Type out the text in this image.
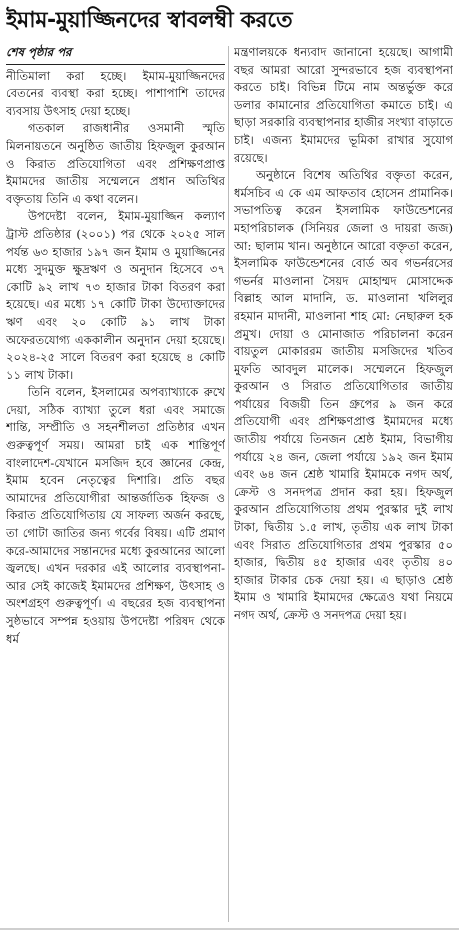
ইমাম-মুয়াজ্জিনদের স্বাবলম্বী করতে
শেষ পৃষ্ঠার পর

নীতিমালা করা হচ্ছে। ইমাম-মুয়াজ্জিনদের বেতনের ব্যবস্থা করা হচ্ছে। পাশাপাশি তাদের ব্যবসায় উৎসাহ দেয়া হচ্ছে।

গতকাল রাজধানীর ওসমানী স্মৃতি মিলনায়তনে অনুষ্ঠিত জাতীয় হিফজুল কুরআন ও কিরাত প্রতিযোগিতা এবং প্রশিক্ষণপ্রাপ্ত ইমামদের জাতীয় সম্মেলনে প্রধান অতিথির বক্তৃতায় তিনি এ কথা বলেন।

উপদেষ্টা বলেন, ইমাম-মুয়াজ্জিন কল্যাণ ট্রাস্ট প্রতিষ্ঠার (২০০১) পর থেকে ২০২৫ সাল পর্যন্ত ৬৩ হাজার ১৯৭ জন ইমাম ও মুয়াজ্জিনের মধ্যে সুদমুক্ত ক্ষুদ্রঋণ ও অনুদান হিসেবে ৩৭ কোটি ৯২ লাখ ৭৩ হাজার টাকা বিতরণ করা হয়েছে। এর মধ্যে ১৭ কোটি টাকা উদ্যোক্তাদের ঋণ এবং ২০ কোটি ৯১ লাখ টাকা অফেরতযোগ্য এককালীন অনুদান দেয়া হয়েছে। ২০২৪-২৫ সালে বিতরণ করা হয়েছে ৪ কোটি ১১ লাখ টাকা।

তিনি বলেন, ইসলামের অপব্যাখ্যাকে রুখে দেয়া, সঠিক ব্যাখ্যা তুলে ধরা এবং সমাজে শান্তি, সম্প্রীতি ও সহনশীলতা প্রতিষ্ঠার এখন গুরুত্বপূর্ণ সময়। আমরা চাই এক শান্তিপূর্ণ বাংলাদেশ-যেখানে মসজিদ হবে জ্ঞানের কেন্দ্র, ইমাম হবেন নেতৃত্বের দিশারি। প্রতি বছর আমাদের প্রতিযোগীরা আন্তর্জাতিক হিফজ ও কিরাত প্রতিযোগিতায় যে সাফল্য অর্জন করছে, তা গোটা জাতির জন্য গর্বের বিষয়। এটি প্রমাণ করে-আমাদের সন্তানদের মধ্যে কুরআনের আলো জ্বলছে। এখন দরকার এই আলোর ব্যবস্থাপনা-আর সেই কাজেই ইমামদের প্রশিক্ষণ, উৎসাহ ও অংশগ্রহণ গুরুত্বপূর্ণ। এ বছরের হজ ব্যবস্থাপনা সুষ্ঠভাবে সম্পন্ন হওয়ায় উপদেষ্টা পরিষদ থেকে ধর্ম

মন্ত্রণালয়কে ধন্যবাদ জানানো হয়েছে। আগামী বছর আমরা আরো সুন্দরভাবে হজ ব্যবস্থাপনা করতে চাই। বিভিন্ন টিমে নাম অন্তর্ভুক্ত করে ডলার কামানোর প্রতিযোগিতা কমাতে চাই। এ ছাড়া সরকারি ব্যবস্থাপনার হাজীর সংখ্যা বাড়াতে চাই। এজন্য ইমামদের ভূমিকা রাখার সুযোগ রয়েছে।

অনুষ্ঠানে বিশেষ অতিথির বক্তৃতা করেন, ধর্মসচিব এ কে এম আফতাব হোসেন প্রামানিক। সভাপতিত্ব করেন ইসলামিক ফাউন্ডেশনের মহাপরিচালক (সিনিয়র জেলা ও দায়রা জজ) আ: ছালাম খান। অনুষ্ঠানে আরো বক্তৃতা করেন, ইসলামিক ফাউন্ডেশনের বোর্ড অব গভর্নরসের গভর্নর মাওলানা সৈয়দ মোহাম্মদ মোসাদ্দেক বিল্লাহ আল মাদানি, ড. মাওলানা খলিলুর রহমান মাদানী, মাওলানা শাহ মো: নেছারুল হক প্রমুখ। দোয়া ও মোনাজাত পরিচালনা করেন বায়তুল মোকাররম জাতীয় মসজিদের খতিব মুফতি আবদুল মালেক। সম্মেলনে হিফজুল কুরআন ও সিরাত প্রতিযোগিতার জাতীয় পর্যায়ের বিজয়ী তিন গ্রুপের ৯ জন করে প্রতিযোগী এবং প্রশিক্ষণপ্রাপ্ত ইমামদের মধ্যে জাতীয় পর্যায়ে তিনজন শ্রেষ্ঠ ইমাম, বিভাগীয় পর্যায়ে ২৪ জন, জেলা পর্যায়ে ১৯২ জন ইমাম এবং ৬৪ জন শ্রেষ্ঠ খামারি ইমামকে নগদ অর্থ, ক্রেস্ট ও সনদপত্র প্রদান করা হয়। হিফজুল কুরআন প্রতিযোগিতায় প্রথম পুরস্কার দুই লাখ টাকা, দ্বিতীয় ১.৫ লাখ, তৃতীয় এক লাখ টাকা এবং সিরাত প্রতিযোগিতার প্রথম পুরস্কার ৫০ হাজার, দ্বিতীয় ৪৫ হাজার এবং তৃতীয় ৪০ হাজার টাকার চেক দেয়া হয়। এ ছাড়াও শ্রেষ্ঠ ইমাম ও খামারি ইমামদের ক্ষেত্রেও যথা নিয়মে নগদ অর্থ, ক্রেস্ট ও সনদপত্র দেয়া হয়।
